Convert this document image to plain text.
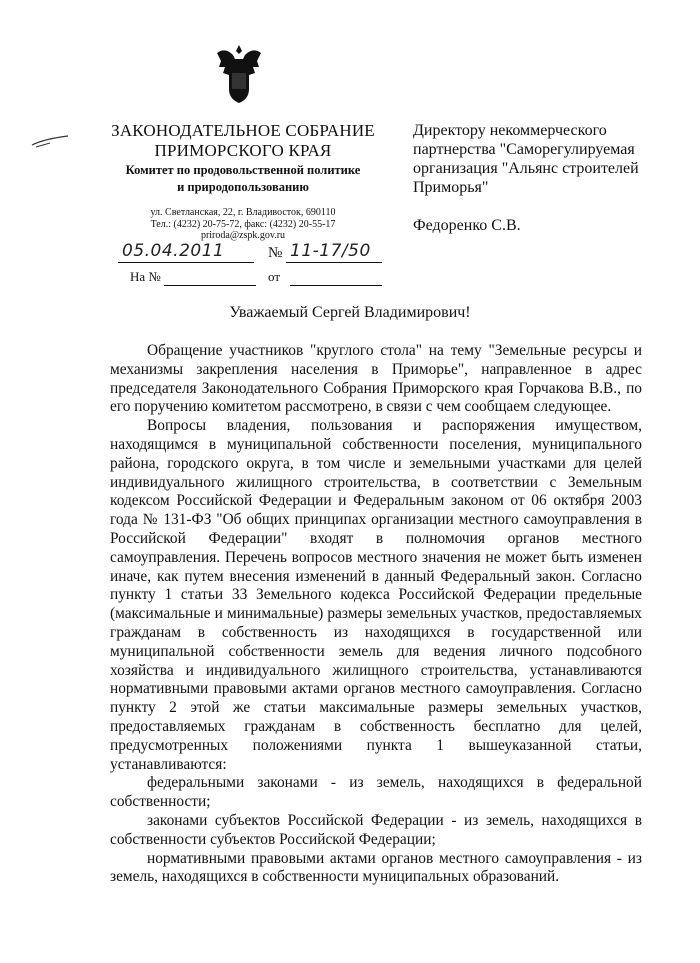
ЗАКОНОДАТЕЛЬНОЕ СОБРАНИЕ
ПРИМОРСКОГО КРАЯ
Комитет по продовольственной политике
и природопользованию
ул. Светланская, 22, г. Владивосток, 690110
Тел.: (4232) 20-75-72, факс: (4232) 20-55-17
priroda@zspk.gov.ru
Директору некоммерческого
партнерства "Саморегулируемая
организация "Альянс строителей
Приморья"
Федоренко С.В.
05.04.2011	№ 11-17/50
На №	от
Уважаемый Сергей Владимирович!

Обращение участников "круглого стола" на тему "Земельные ресурсы и механизмы закрепления населения в Приморье", направленное в адрес председателя Законодательного Собрания Приморского края Горчакова В.В., по его поручению комитетом рассмотрено, в связи с чем сообщаем следующее.

Вопросы владения, пользования и распоряжения имуществом, находящимся в муниципальной собственности поселения, муниципального района, городского округа, в том числе и земельными участками для целей индивидуального жилищного строительства, в соответствии с Земельным кодексом Российской Федерации и Федеральным законом от 06 октября 2003 года № 131-ФЗ "Об общих принципах организации местного самоуправления в Российской Федерации" входят в полномочия органов местного самоуправления. Перечень вопросов местного значения не может быть изменен иначе, как путем внесения изменений в данный Федеральный закон. Согласно пункту 1 статьи 33 Земельного кодекса Российской Федерации предельные (максимальные и минимальные) размеры земельных участков, предоставляемых гражданам в собственность из находящихся в государственной или муниципальной собственности земель для ведения личного подсобного хозяйства и индивидуального жилищного строительства, устанавливаются нормативными правовыми актами органов местного самоуправления. Согласно пункту 2 этой же статьи максимальные размеры земельных участков, предоставляемых гражданам в собственность бесплатно для целей, предусмотренных положениями пункта 1 вышеуказанной статьи, устанавливаются:

федеральными законами - из земель, находящихся в федеральной собственности;

законами субъектов Российской Федерации - из земель, находящихся в собственности субъектов Российской Федерации;

нормативными правовыми актами органов местного самоуправления - из земель, находящихся в собственности муниципальных образований.
